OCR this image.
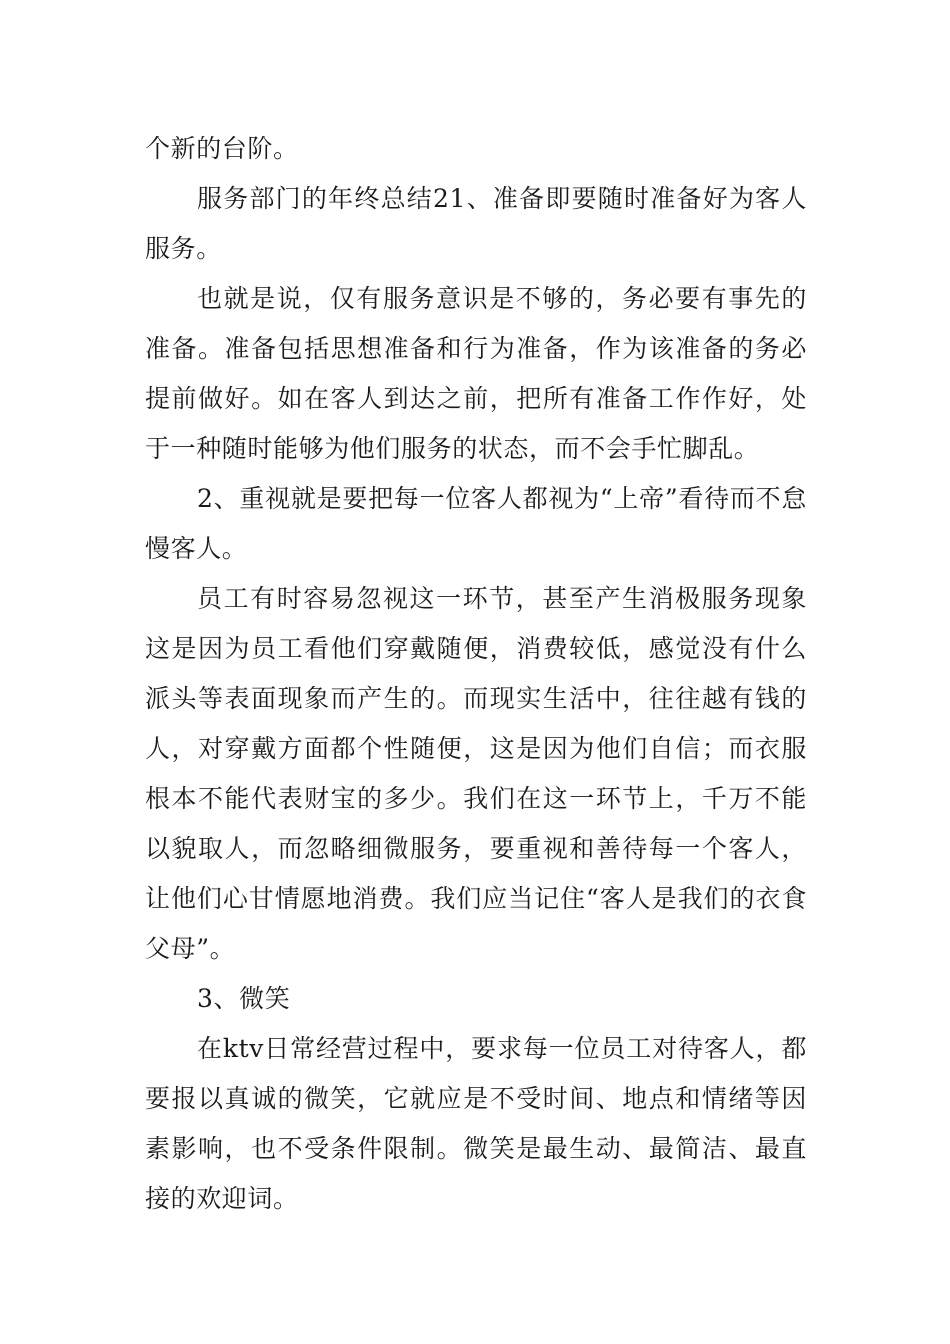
个新的台阶。

服务部门的年终总结21、准备即要随时准备好为客人服务。

也就是说，仅有服务意识是不够的，务必要有事先的准备。准备包括思想准备和行为准备，作为该准备的务必提前做好。如在客人到达之前，把所有准备工作作好，处于一种随时能够为他们服务的状态，而不会手忙脚乱。

2、重视就是要把每一位客人都视为“上帝”看待而不怠慢客人。

员工有时容易忽视这一环节，甚至产生消极服务现象这是因为员工看他们穿戴随便，消费较低，感觉没有什么派头等表面现象而产生的。而现实生活中，往往越有钱的人，对穿戴方面都个性随便，这是因为他们自信；而衣服根本不能代表财宝的多少。我们在这一环节上，千万不能以貌取人，而忽略细微服务，要重视和善待每一个客人，让他们心甘情愿地消费。我们应当记住“客人是我们的衣食父母”。

3、微笑

在ktv日常经营过程中，要求每一位员工对待客人，都要报以真诚的微笑，它就应是不受时间、地点和情绪等因素影响，也不受条件限制。微笑是最生动、最简洁、最直接的欢迎词。
